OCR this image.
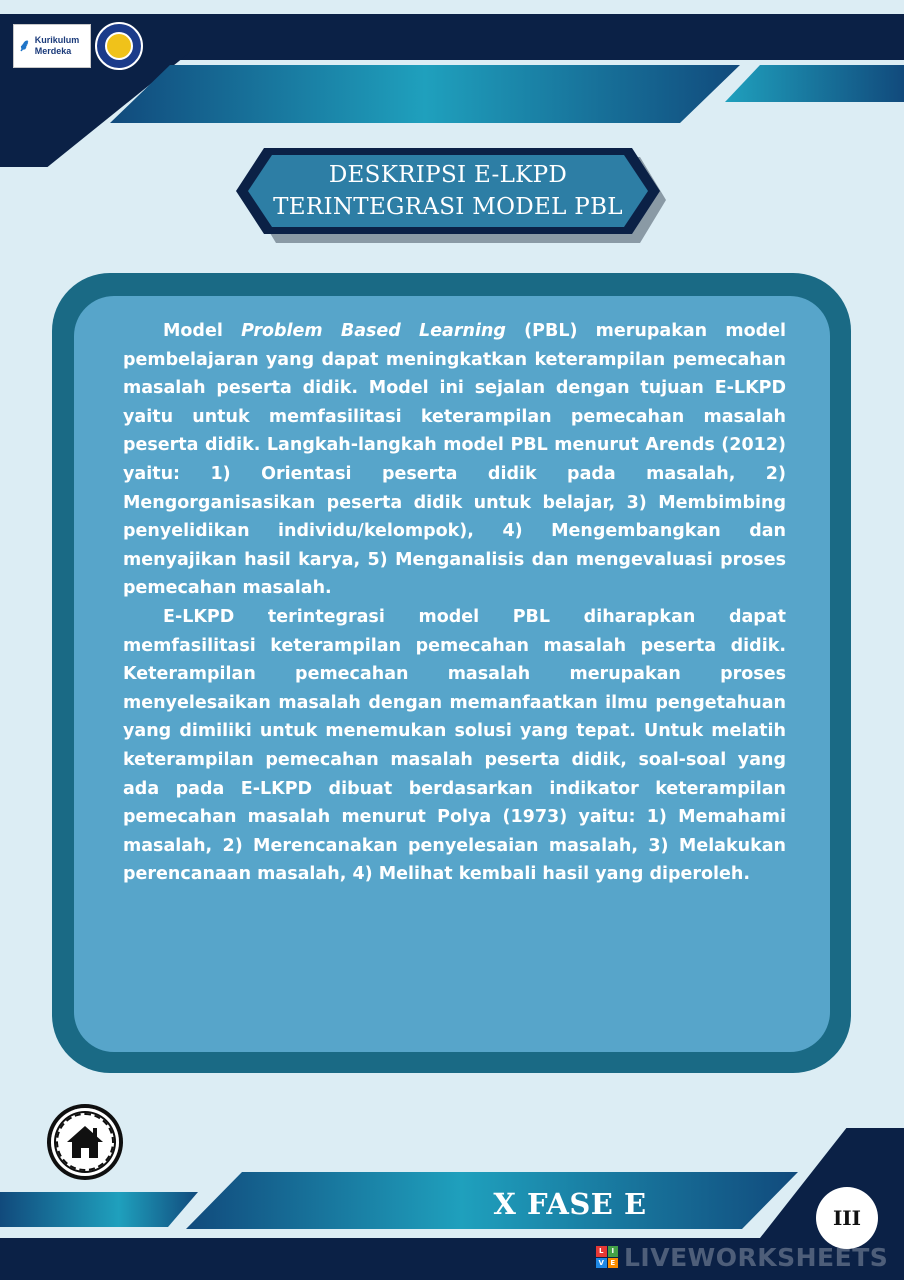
⸙ Kurikulum
Merdeka
DESKRIPSI E-LKPD
TERINTEGRASI MODEL PBL

Model Problem Based Learning (PBL) merupakan model pembelajaran yang dapat meningkatkan keterampilan pemecahan masalah peserta didik. Model ini sejalan dengan tujuan E-LKPD yaitu untuk memfasilitasi keterampilan pemecahan masalah peserta didik. Langkah-langkah model PBL menurut Arends (2012) yaitu: 1) Orientasi peserta didik pada masalah, 2) Mengorganisasikan peserta didik untuk belajar, 3) Membimbing penyelidikan individu/kelompok), 4) Mengembangkan dan menyajikan hasil karya, 5) Menganalisis dan mengevaluasi proses pemecahan masalah.

E-LKPD terintegrasi model PBL diharapkan dapat memfasilitasi keterampilan pemecahan masalah peserta didik. Keterampilan pemecahan masalah merupakan proses menyelesaikan masalah dengan memanfaatkan ilmu pengetahuan yang dimiliki untuk menemukan solusi yang tepat. Untuk melatih keterampilan pemecahan masalah peserta didik, soal-soal yang ada pada E-LKPD dibuat berdasarkan indikator keterampilan pemecahan masalah menurut Polya (1973) yaitu: 1) Memahami masalah, 2) Merencanakan penyelesaian masalah, 3) Melakukan perencanaan masalah, 4) Melihat kembali hasil yang diperoleh.

X FASE E	III
L	I
V E LIVEWORKSHEETS
